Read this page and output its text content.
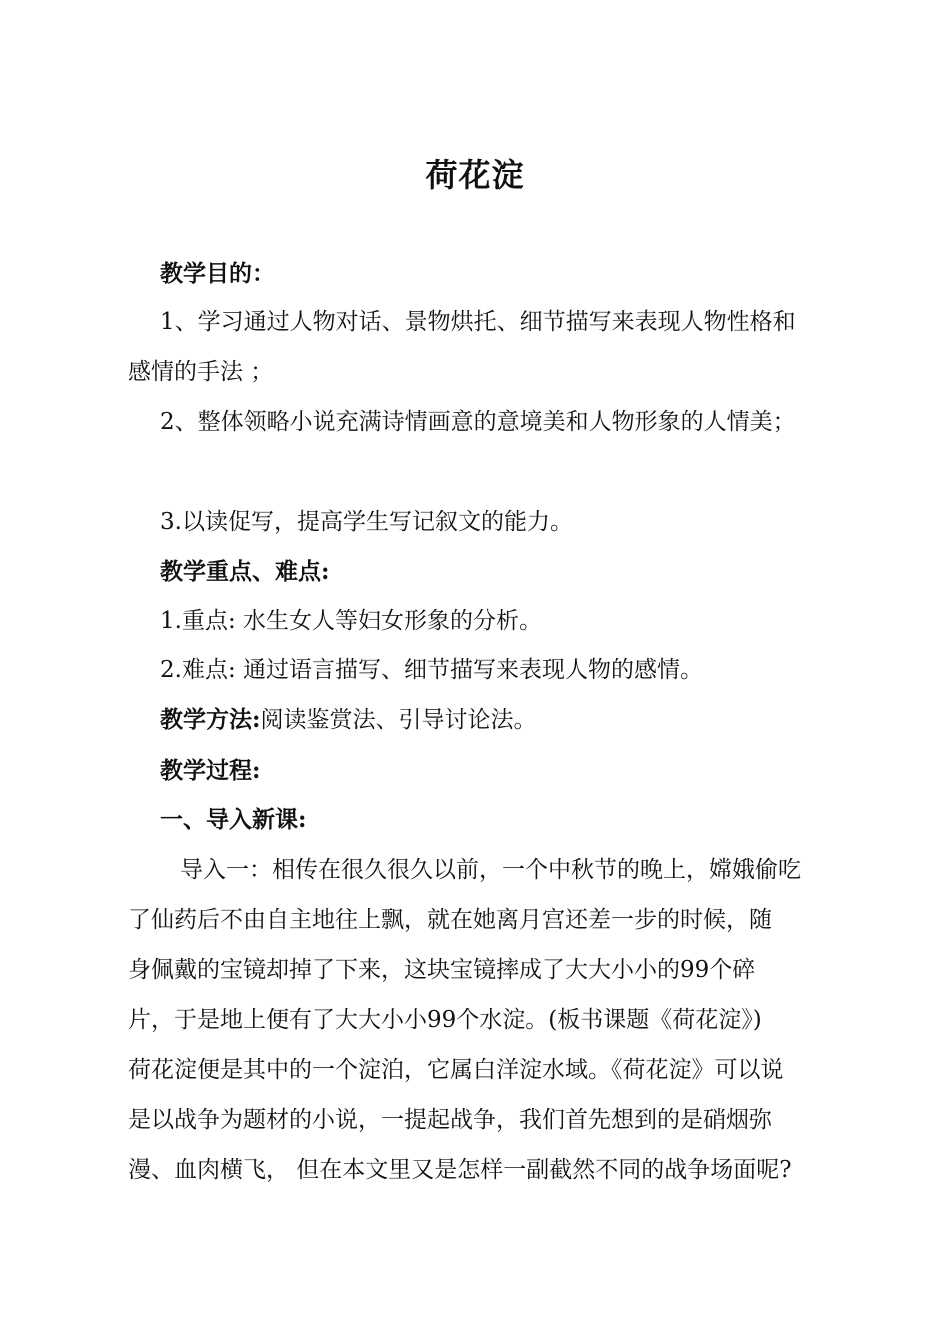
荷花淀
教学目的：
1、学习通过人物对话、景物烘托、细节描写来表现人物性格和
感情的手法 ；
2、整体领略小说充满诗情画意的意境美和人物形象的人情美；
3.以读促写，提高学生写记叙文的能力。
教学重点、难点:
1.重点: 水生女人等妇女形象的分析。
2.难点: 通过语言描写、细节描写来表现人物的感情。
教学方法:阅读鉴赏法、引导讨论法。
教学过程:
一、导入新课:
导入一：相传在很久很久以前，一个中秋节的晚上，嫦娥偷吃
了仙药后不由自主地往上飘，就在她离月宫还差一步的时候，随
身佩戴的宝镜却掉了下来，这块宝镜摔成了大大小小的99个碎
片，于是地上便有了大大小小99个水淀。(板书课题《荷花淀》)
荷花淀便是其中的一个淀泊，它属白洋淀水域。《荷花淀》可以说
是以战争为题材的小说，一提起战争，我们首先想到的是硝烟弥
漫、血肉横飞， 但在本文里又是怎样一副截然不同的战争场面呢?
